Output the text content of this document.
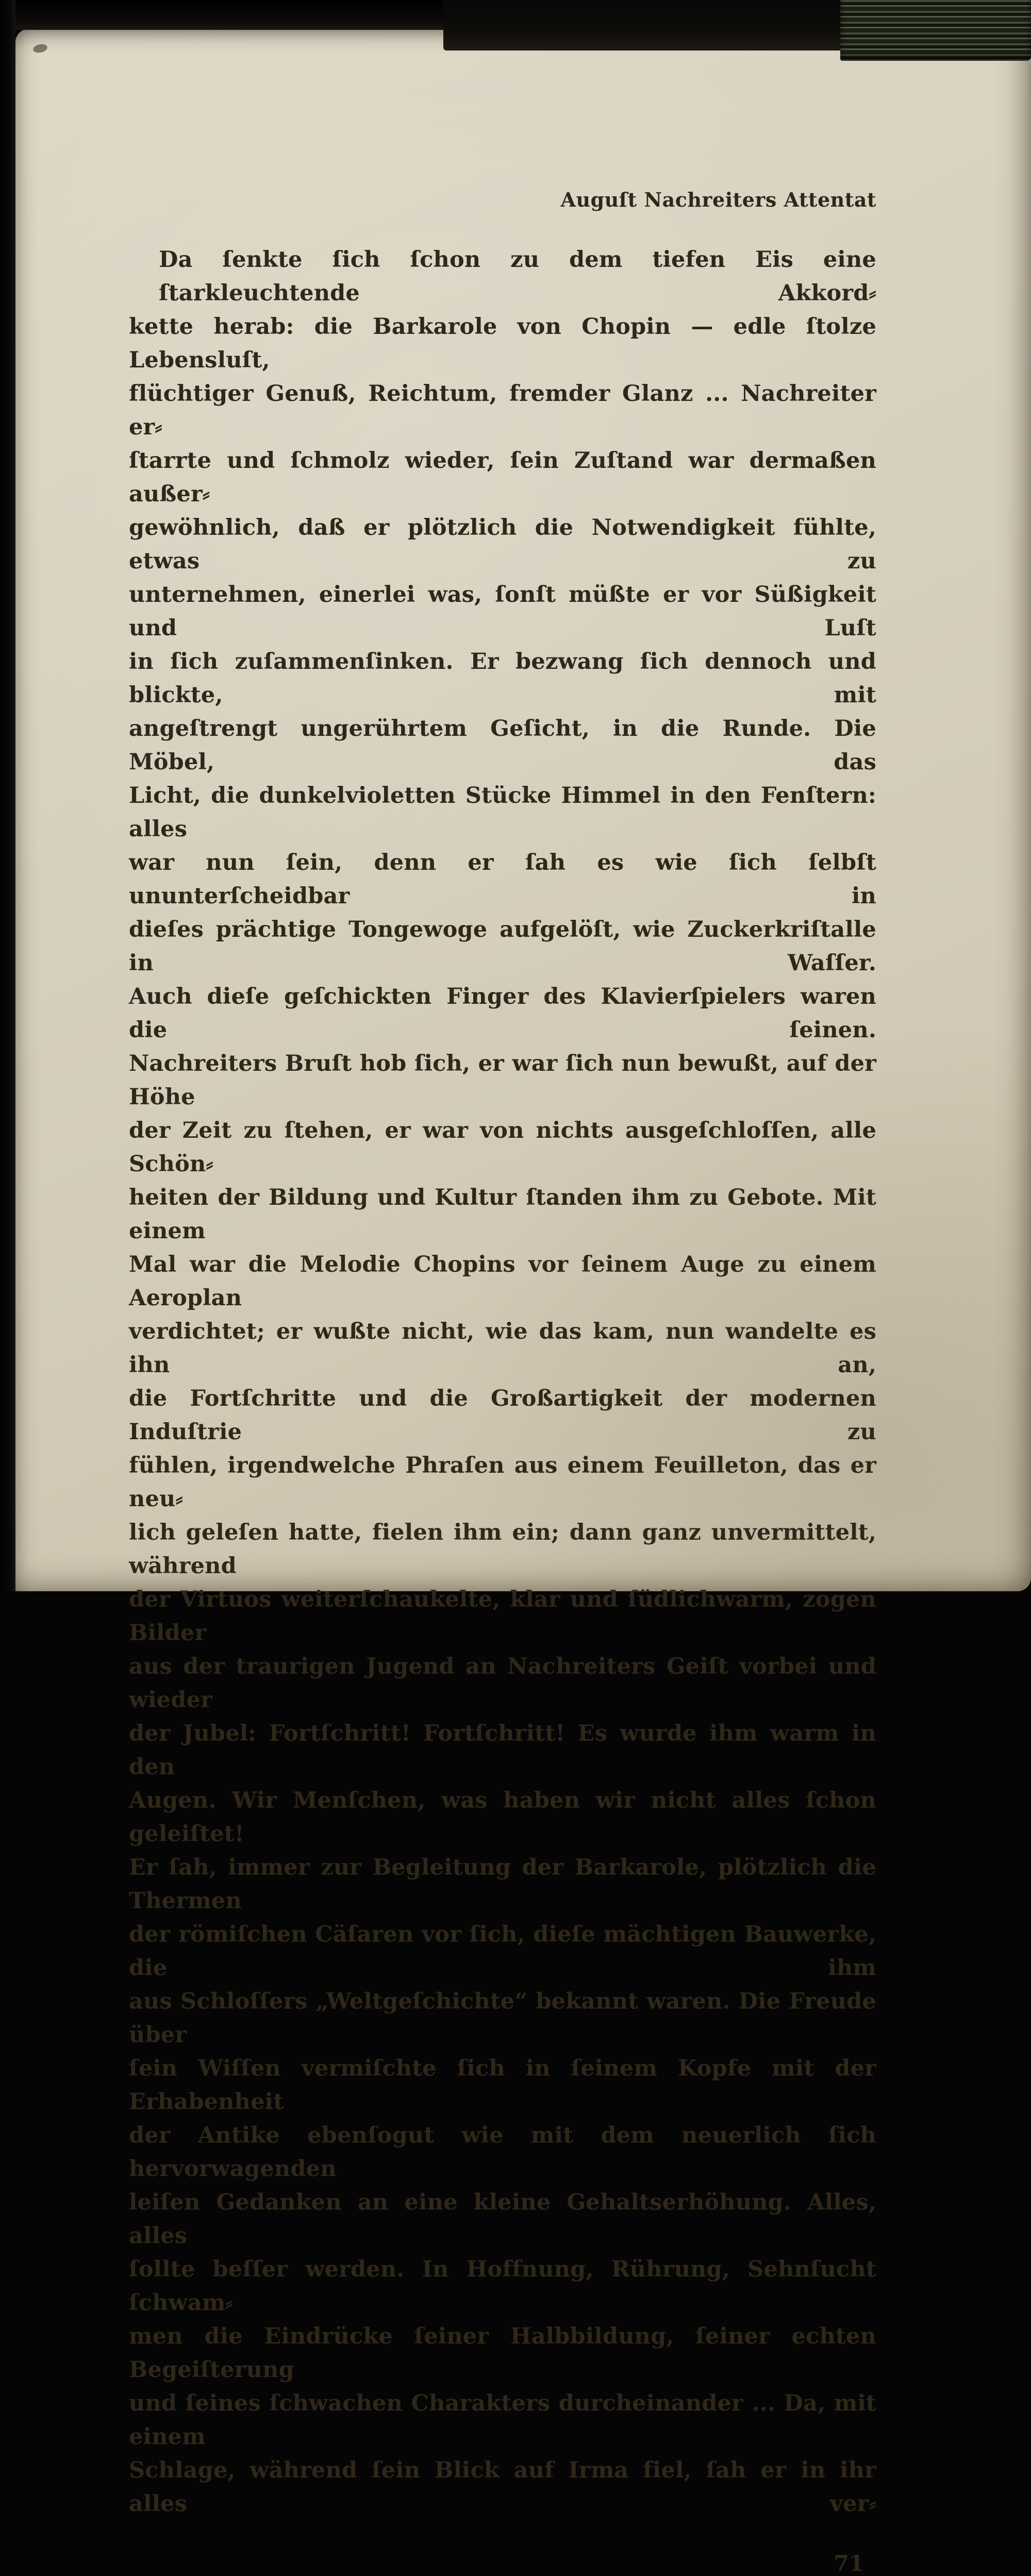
Auguſt Nachreiters Attentat
Da ſenkte ſich ſchon zu dem tiefen Eis eine ſtarkleuchtende Akkord⸗
kette herab: die Barkarole von Chopin — edle ſtolze Lebensluſt,
flüchtiger Genuß, Reichtum, fremder Glanz ... Nachreiter er⸗
ſtarrte und ſchmolz wieder, ſein Zuſtand war dermaßen außer⸗
gewöhnlich, daß er plötzlich die Notwendigkeit fühlte, etwas zu
unternehmen, einerlei was, ſonſt müßte er vor Süßigkeit und Luſt
in ſich zuſammenſinken. Er bezwang ſich dennoch und blickte, mit
angeſtrengt ungerührtem Geſicht, in die Runde. Die Möbel, das
Licht, die dunkelvioletten Stücke Himmel in den Fenſtern: alles
war nun ſein, denn er ſah es wie ſich ſelbſt ununterſcheidbar in
dieſes prächtige Tongewoge aufgelöſt, wie Zuckerkriſtalle in Waſſer.
Auch dieſe geſchickten Finger des Klavierſpielers waren die ſeinen.
Nachreiters Bruſt hob ſich, er war ſich nun bewußt, auf der Höhe
der Zeit zu ſtehen, er war von nichts ausgeſchloſſen, alle Schön⸗
heiten der Bildung und Kultur ſtanden ihm zu Gebote. Mit einem
Mal war die Melodie Chopins vor ſeinem Auge zu einem Aeroplan
verdichtet; er wußte nicht, wie das kam, nun wandelte es ihn an,
die Fortſchritte und die Großartigkeit der modernen Induſtrie zu
fühlen, irgendwelche Phraſen aus einem Feuilleton, das er neu⸗
lich geleſen hatte, fielen ihm ein; dann ganz unvermittelt, während
der Virtuos weiterſchaukelte, klar und ſüdlichwarm, zogen Bilder
aus der traurigen Jugend an Nachreiters Geiſt vorbei und wieder
der Jubel: Fortſchritt! Fortſchritt! Es wurde ihm warm in den
Augen. Wir Menſchen, was haben wir nicht alles ſchon geleiſtet!
Er ſah, immer zur Begleitung der Barkarole, plötzlich die Thermen
der römiſchen Cäſaren vor ſich, dieſe mächtigen Bauwerke, die ihm
aus Schloſſers „Weltgeſchichte“ bekannt waren. Die Freude über
ſein Wiſſen vermiſchte ſich in ſeinem Kopfe mit der Erhabenheit
der Antike ebenſogut wie mit dem neuerlich ſich hervorwagenden
leiſen Gedanken an eine kleine Gehaltserhöhung. Alles, alles
ſollte beſſer werden. In Hoffnung, Rührung, Sehnſucht ſchwam⸗
men die Eindrücke ſeiner Halbbildung, ſeiner echten Begeiſterung
und ſeines ſchwachen Charakters durcheinander ... Da, mit einem
Schlage, während ſein Blick auf Irma fiel, ſah er in ihr alles ver⸗
71
